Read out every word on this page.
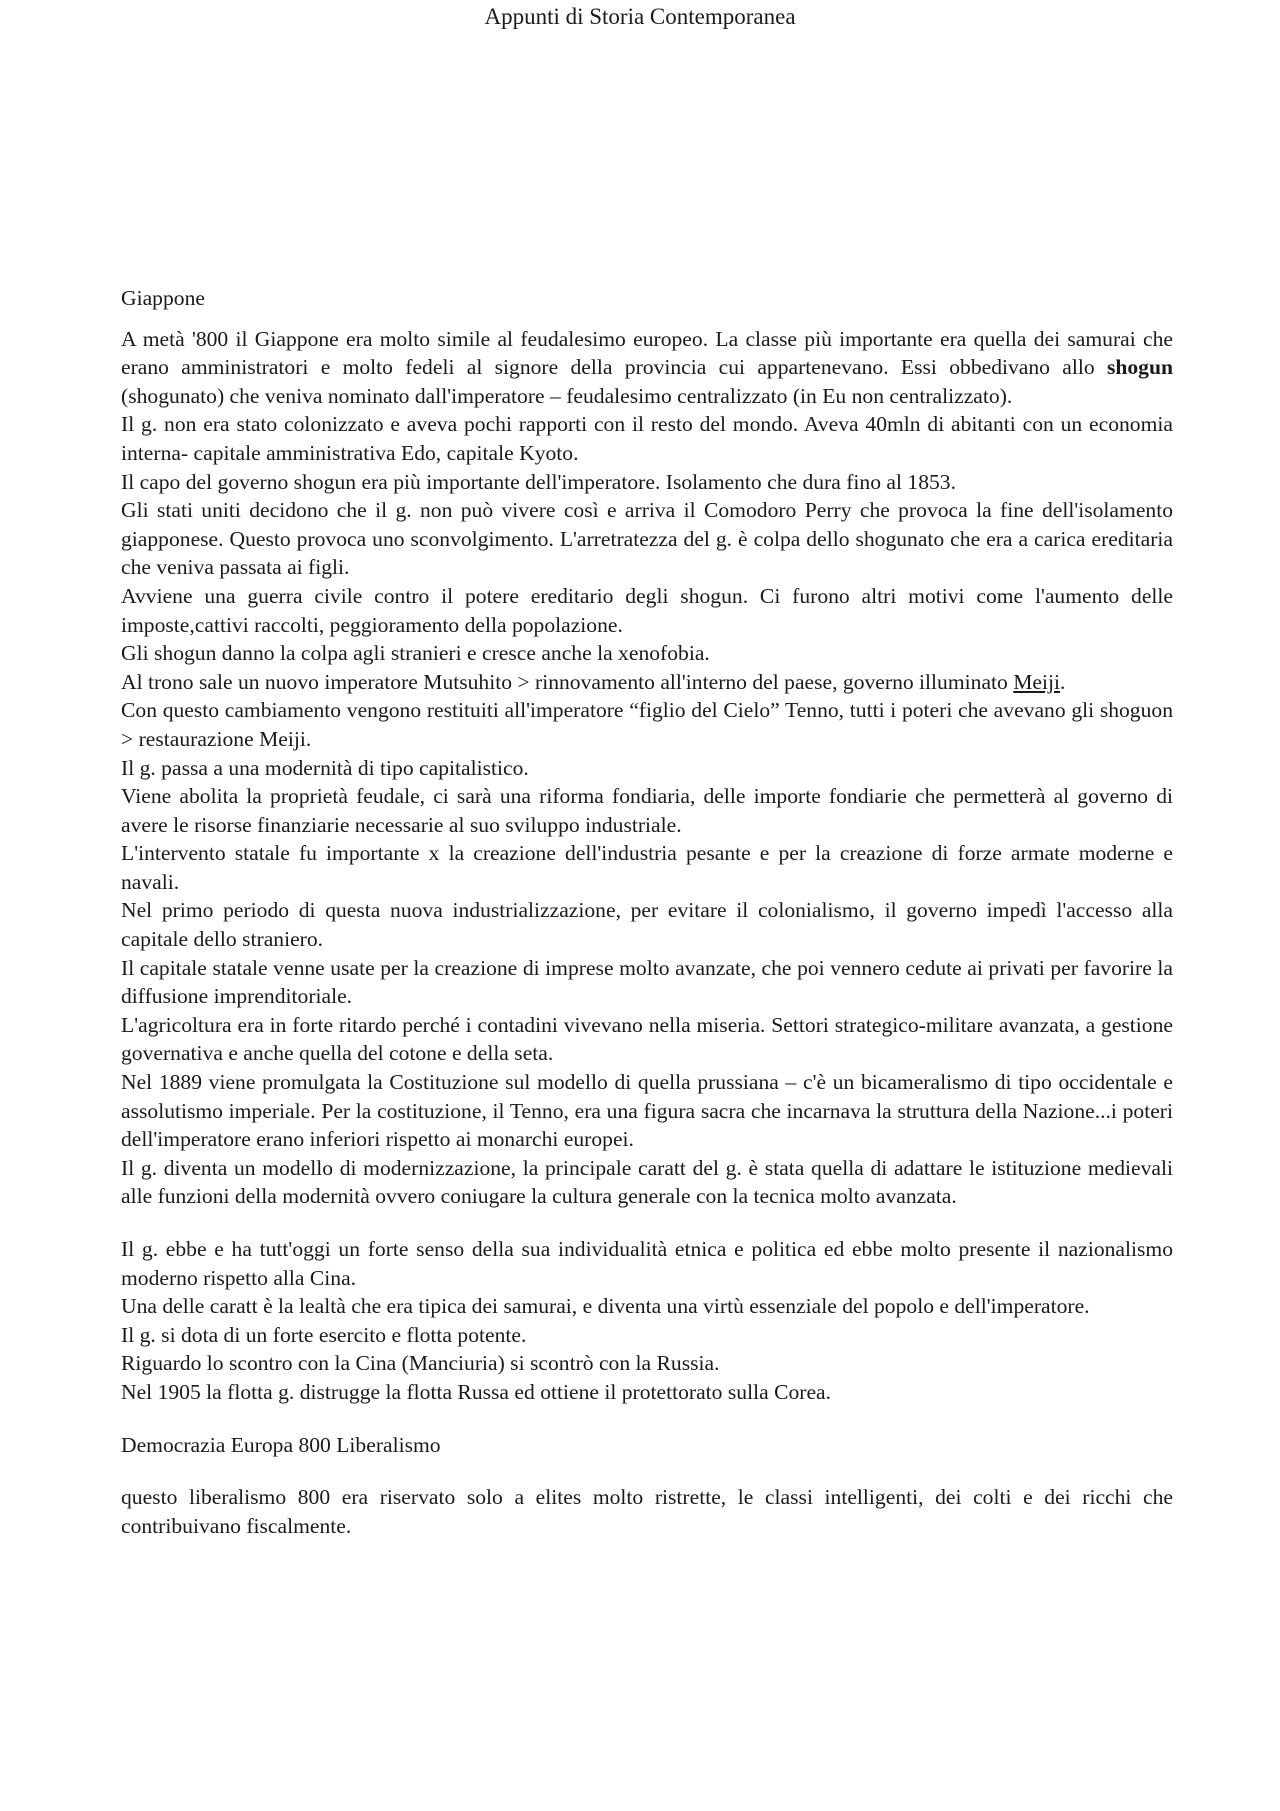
Appunti di Storia Contemporanea

Giappone

A metà '800 il Giappone era molto simile al feudalesimo europeo. La classe più importante era quella dei samurai che erano amministratori e molto fedeli al signore della provincia cui appartenevano. Essi obbedivano allo shogun (shogunato) che veniva nominato dall'imperatore – feudalesimo centralizzato (in Eu non centralizzato).

Il g. non era stato colonizzato e aveva pochi rapporti con il resto del mondo. Aveva 40mln di abitanti con un economia interna- capitale amministrativa Edo, capitale Kyoto.

Il capo del governo shogun era più importante dell'imperatore. Isolamento che dura fino al 1853.

Gli stati uniti decidono che il g. non può vivere così e arriva il Comodoro Perry che provoca la fine dell'isolamento giapponese. Questo provoca uno sconvolgimento. L'arretratezza del g. è colpa dello shogunato che era a carica ereditaria che veniva passata ai figli.

Avviene una guerra civile contro il potere ereditario degli shogun. Ci furono altri motivi come l'aumento delle imposte,cattivi raccolti, peggioramento della popolazione.

Gli shogun danno la colpa agli stranieri e cresce anche la xenofobia.

Al trono sale un nuovo imperatore Mutsuhito > rinnovamento all'interno del paese, governo illuminato Meiji.

Con questo cambiamento vengono restituiti all'imperatore “figlio del Cielo” Tenno, tutti i poteri che avevano gli shoguon > restaurazione Meiji.

Il g. passa a una modernità di tipo capitalistico.

Viene abolita la proprietà feudale, ci sarà una riforma fondiaria, delle importe fondiarie che permetterà al governo di avere le risorse finanziarie necessarie al suo sviluppo industriale.

L'intervento statale fu importante x la creazione dell'industria pesante e per la creazione di forze armate moderne e navali.

Nel primo periodo di questa nuova industrializzazione, per evitare il colonialismo, il governo impedì l'accesso alla capitale dello straniero.

Il capitale statale venne usate per la creazione di imprese molto avanzate, che poi vennero cedute ai privati per favorire la diffusione imprenditoriale.

L'agricoltura era in forte ritardo perché i contadini vivevano nella miseria. Settori strategico-militare avanzata, a gestione governativa e anche quella del cotone e della seta.

Nel 1889 viene promulgata la Costituzione sul modello di quella prussiana – c'è un bicameralismo di tipo occidentale e assolutismo imperiale. Per la costituzione, il Tenno, era una figura sacra che incarnava la struttura della Nazione...i poteri dell'imperatore erano inferiori rispetto ai monarchi europei.

Il g. diventa un modello di modernizzazione, la principale caratt del g. è stata quella di adattare le istituzione medievali alle funzioni della modernità ovvero coniugare la cultura generale con la tecnica molto avanzata.

Il g. ebbe e ha tutt'oggi un forte senso della sua individualità etnica e politica ed ebbe molto presente il nazionalismo moderno rispetto alla Cina.

Una delle caratt è la lealtà che era tipica dei samurai, e diventa una virtù essenziale del popolo e dell'imperatore.

Il g. si dota di un forte esercito e flotta potente.

Riguardo lo scontro con la Cina (Manciuria) si scontrò con la Russia.

Nel 1905 la flotta g. distrugge la flotta Russa ed ottiene il protettorato sulla Corea.

Democrazia Europa 800 Liberalismo

questo liberalismo 800 era riservato solo a elites molto ristrette, le classi intelligenti, dei colti e dei ricchi che contribuivano fiscalmente.
